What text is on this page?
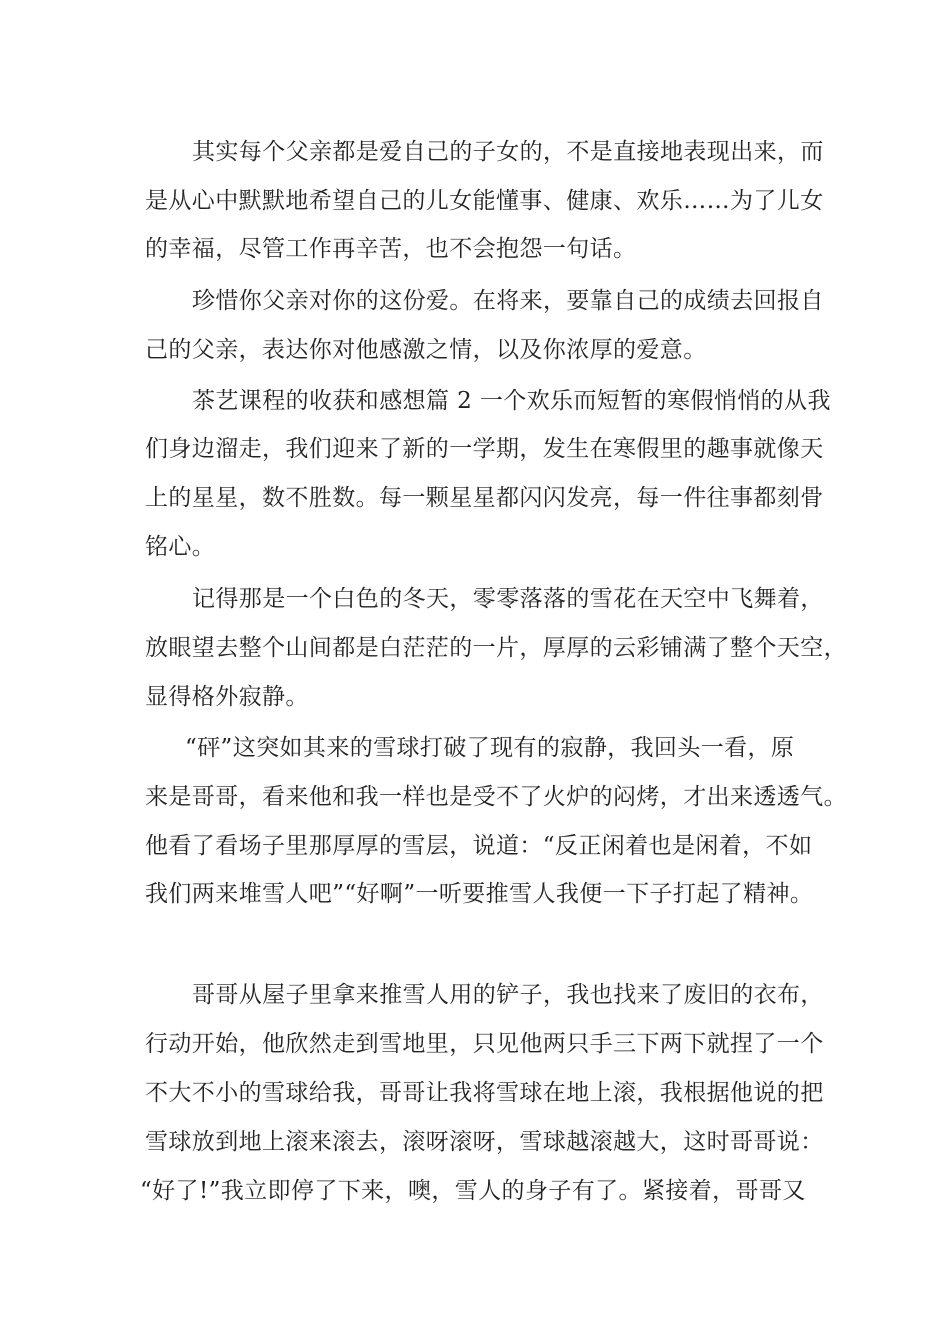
其实每个父亲都是爱自己的子女的，不是直接地表现出来，而
是从心中默默地希望自己的儿女能懂事、健康、欢乐……为了儿女
的幸福，尽管工作再辛苦，也不会抱怨一句话。
珍惜你父亲对你的这份爱。在将来，要靠自己的成绩去回报自
己的父亲，表达你对他感激之情，以及你浓厚的爱意。
茶艺课程的收获和感想篇 2 一个欢乐而短暂的寒假悄悄的从我
们身边溜走，我们迎来了新的一学期，发生在寒假里的趣事就像天
上的星星，数不胜数。每一颗星星都闪闪发亮，每一件往事都刻骨
铭心。
记得那是一个白色的冬天，零零落落的雪花在天空中飞舞着，
放眼望去整个山间都是白茫茫的一片，厚厚的云彩铺满了整个天空，
显得格外寂静。
“砰”这突如其来的雪球打破了现有的寂静，我回头一看，原
来是哥哥，看来他和我一样也是受不了火炉的闷烤，才出来透透气。
他看了看场子里那厚厚的雪层，说道：“反正闲着也是闲着，不如
我们两来堆雪人吧”“好啊”一听要推雪人我便一下子打起了精神。
哥哥从屋子里拿来推雪人用的铲子，我也找来了废旧的衣布，
行动开始，他欣然走到雪地里，只见他两只手三下两下就捏了一个
不大不小的雪球给我，哥哥让我将雪球在地上滚，我根据他说的把
雪球放到地上滚来滚去，滚呀滚呀，雪球越滚越大，这时哥哥说：
“好了!”我立即停了下来，噢，雪人的身子有了。紧接着，哥哥又
